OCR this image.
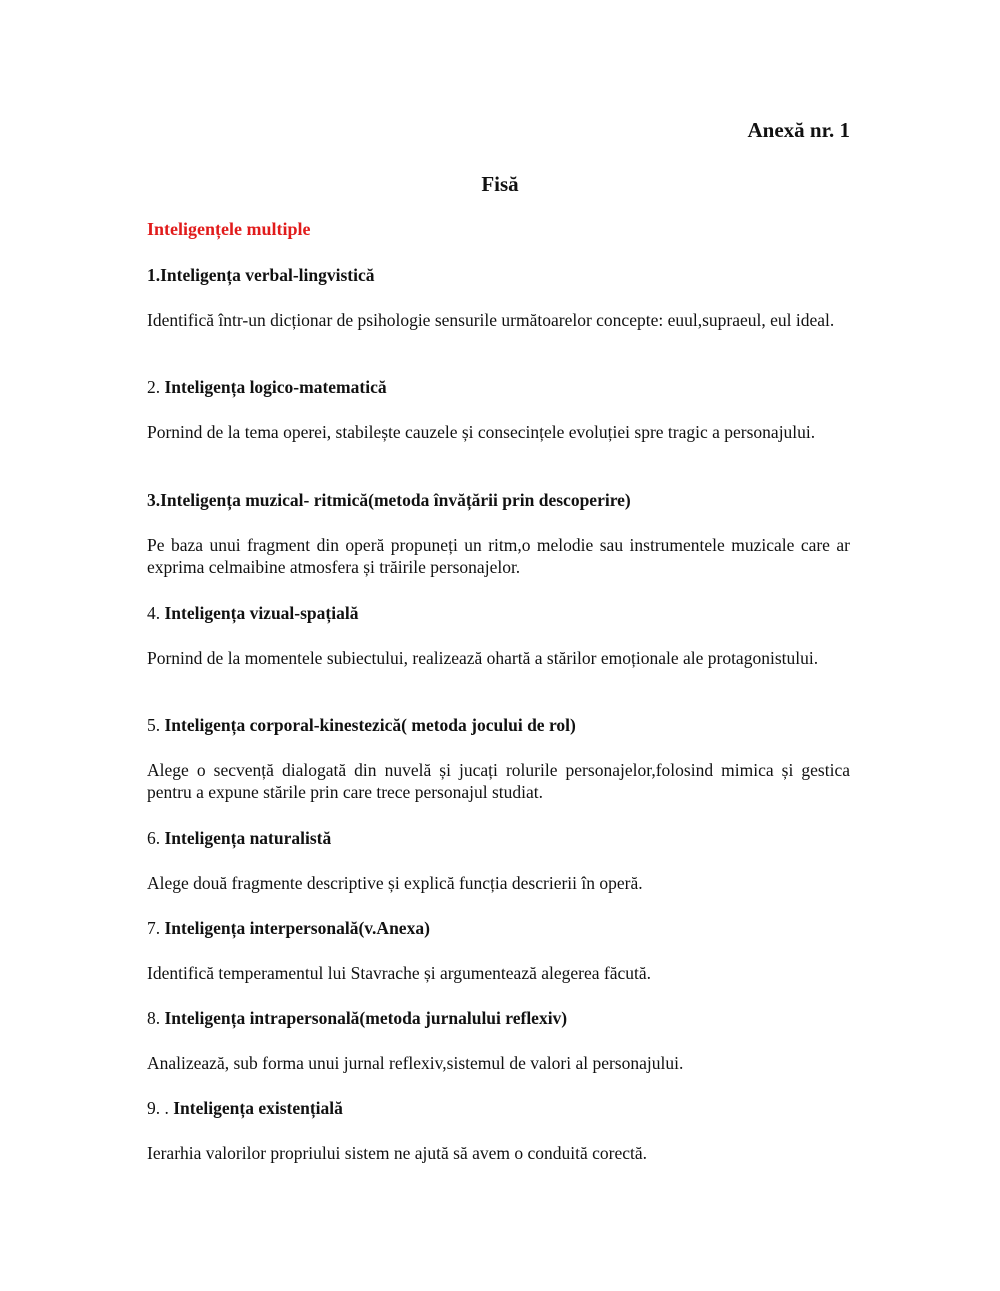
Anexă nr. 1
Fisă
Inteligențele multiple

1.Inteligența verbal-lingvistică

Identifică într-un dicționar de psihologie sensurile următoarelor concepte: euul,supraeul, eul ideal.

2. Inteligența logico-matematică

Pornind de la tema operei, stabilește cauzele și consecințele evoluției spre tragic a personajului.

3.Inteligența muzical- ritmică(metoda învățării prin descoperire)

Pe baza unui fragment din operă propuneți un ritm,o melodie sau instrumentele muzicale care ar exprima celmaibine atmosfera și trăirile personajelor.

4. Inteligența vizual-spațială

Pornind de la momentele subiectului, realizează ohartă a stărilor emoționale ale protagonistului.

5. Inteligența corporal-kinestezică( metoda jocului de rol)

Alege o secvență dialogată din nuvelă și jucați rolurile personajelor,folosind mimica și gestica pentru a expune stările prin care trece personajul studiat.

6. Inteligența naturalistă

Alege două fragmente descriptive și explică funcția descrierii în operă.

7. Inteligența interpersonală(v.Anexa)

Identifică temperamentul lui Stavrache și argumentează alegerea făcută.

8. Inteligența intrapersonală(metoda jurnalului reflexiv)

Analizează, sub forma unui jurnal reflexiv,sistemul de valori al personajului.

9. . Inteligența existențială

Ierarhia valorilor propriului sistem ne ajută să avem o conduită corectă.
